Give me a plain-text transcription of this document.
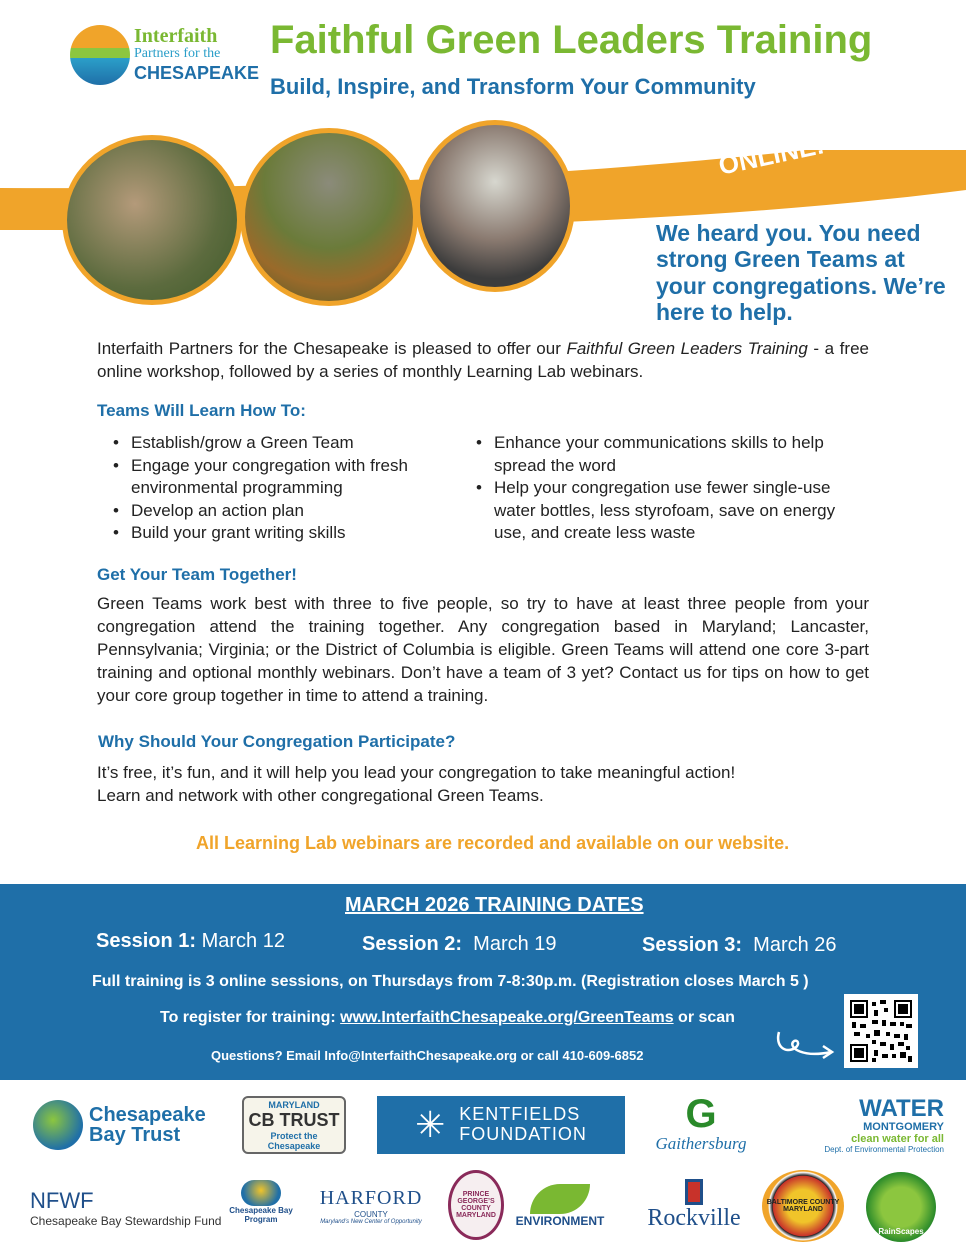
Interfaith
Partners for the
CHESAPEAKE
Faithful Green Leaders Training
Build, Inspire, and Transform Your Community
ONLINE!
We heard you. You need strong Green Teams at your congregations. We’re here to help.

Interfaith Partners for the Chesapeake is pleased to offer our Faithful Green Leaders Training - a free online workshop, followed by a series of monthly Learning Lab webinars.

Teams Will Learn How To:
• Establish/grow a Green Team
• Engage your congregation with fresh environmental programming
• Develop an action plan
• Build your grant writing skills
• Enhance your communications skills to help spread the word
• Help your congregation use fewer single-use water bottles, less styrofoam, save on energy use, and create less waste
Get Your Team Together!

Green Teams work best with three to five people, so try to have at least three people from your congregation attend the training together. Any congregation based in Maryland; Lancaster, Pennsylvania; Virginia; or the District of Columbia is eligible. Green Teams will attend one core 3-part training and optional monthly webinars. Don’t have a team of 3 yet? Contact us for tips on how to get your core group together in time to attend a training.

Why Should Your Congregation Participate?
It’s free, it’s fun, and it will help you lead your congregation to take meaningful action!
Learn and network with other congregational Green Teams.
All Learning Lab webinars are recorded and available on our website.
MARCH 2026 TRAINING DATES
Session 1: March 12	Session 2: March 19	Session 3: March 26
Full training is 3 online sessions, on Thursdays from 7-8:30p.m. (Registration closes March 5 )
To register for training: www.InterfaithChesapeake.org/GreenTeams or scan
Questions? Email Info@InterfaithChesapeake.org or call 410-609-6852
Chesapeake
Bay Trust
MARYLAND
CB TRUST
Protect the Chesapeake
✳ KENTFIELDS
FOUNDATION G
Gaithersburg
WATER
MONTGOMERY
clean water for all
Dept. of Environmental Protection
NFWF
Chesapeake Bay Stewardship Fund
Chesapeake Bay Program
HARFORD
COUNTY
Maryland’s New Center of Opportunity
PRINCE GEORGE’S COUNTY MARYLAND	ENVIRONMENT Rockville
BALTIMORE COUNTY MARYLAND
RainScapes
